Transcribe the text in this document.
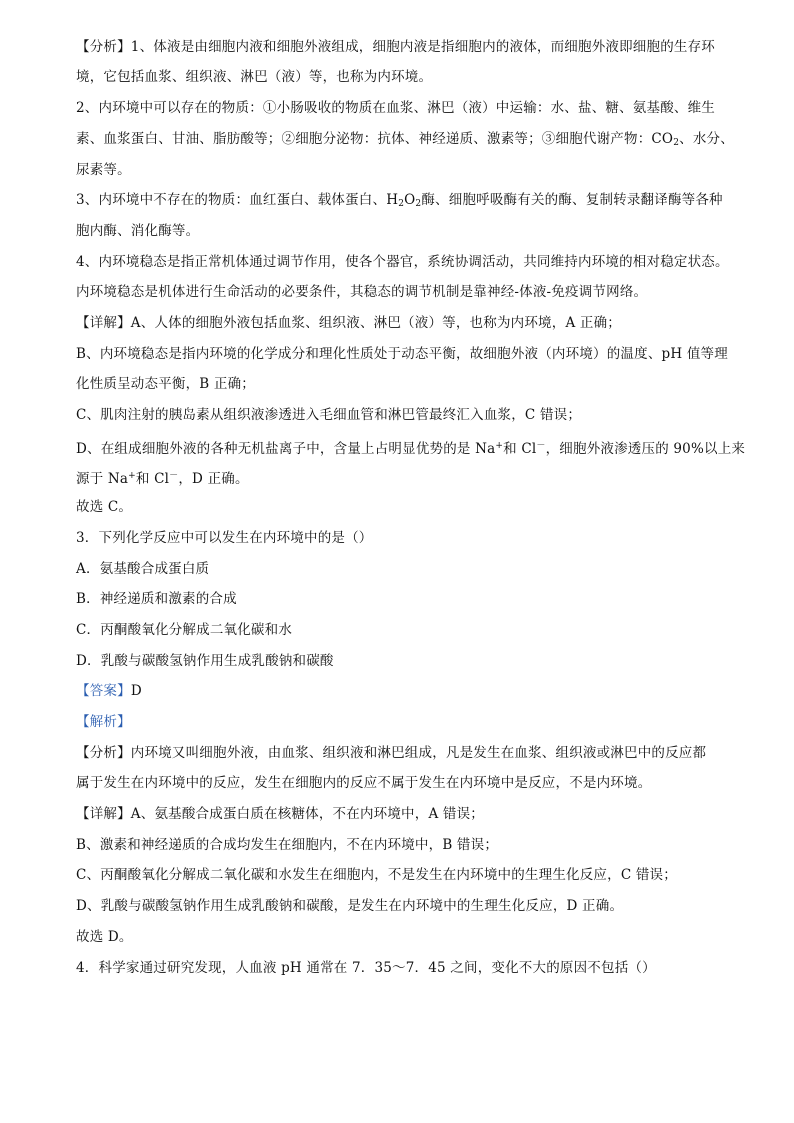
【分析】1、体液是由细胞内液和细胞外液组成，细胞内液是指细胞内的液体，而细胞外液即细胞的生存环
境，它包括血浆、组织液、淋巴（液）等，也称为内环境。
2、内环境中可以存在的物质：①小肠吸收的物质在血浆、淋巴（液）中运输：水、盐、糖、氨基酸、维生
素、血浆蛋白、甘油、脂肪酸等；②细胞分泌物：抗体、神经递质、激素等；③细胞代谢产物：$CO_2$、水分、
尿素等。
3、内环境中不存在的物质：血红蛋白、载体蛋白、$H_2O_2$酶、细胞呼吸酶有关的酶、复制转录翻译酶等各种
胞内酶、消化酶等。
4、内环境稳态是指正常机体通过调节作用，使各个器官，系统协调活动，共同维持内环境的相对稳定状态。
内环境稳态是机体进行生命活动的必要条件，其稳态的调节机制是靠神经-体液-免疫调节网络。
【详解】A、人体的细胞外液包括血浆、组织液、淋巴（液）等，也称为内环境，A 正确；
B、内环境稳态是指内环境的化学成分和理化性质处于动态平衡，故细胞外液（内环境）的温度、pH 值等理
化性质呈动态平衡，B 正确；
C、肌肉注射的胰岛素从组织液渗透进入毛细血管和淋巴管最终汇入血浆，C 错误；
D、在组成细胞外液的各种无机盐离子中，含量上占明显优势的是 Na+和 Cl－，细胞外液渗透压的 90%以上来
源于 Na+和 Cl－，D 正确。
故选 C。
3．下列化学反应中可以发生在内环境中的是（）
A．氨基酸合成蛋白质
B．神经递质和激素的合成
C．丙酮酸氧化分解成二氧化碳和水
D．乳酸与碳酸氢钠作用生成乳酸钠和碳酸
【答案】D
【解析】
【分析】内环境又叫细胞外液，由血浆、组织液和淋巴组成，凡是发生在血浆、组织液或淋巴中的反应都
属于发生在内环境中的反应，发生在细胞内的反应不属于发生在内环境中是反应，不是内环境。
【详解】A、氨基酸合成蛋白质在核糖体，不在内环境中，A 错误；
B、激素和神经递质的合成均发生在细胞内，不在内环境中，B 错误；
C、丙酮酸氧化分解成二氧化碳和水发生在细胞内，不是发生在内环境中的生理生化反应，C 错误；
D、乳酸与碳酸氢钠作用生成乳酸钠和碳酸，是发生在内环境中的生理生化反应，D 正确。
故选 D。
4．科学家通过研究发现，人血液 pH 通常在 7．35～7．45 之间，变化不大的原因不包括（）
